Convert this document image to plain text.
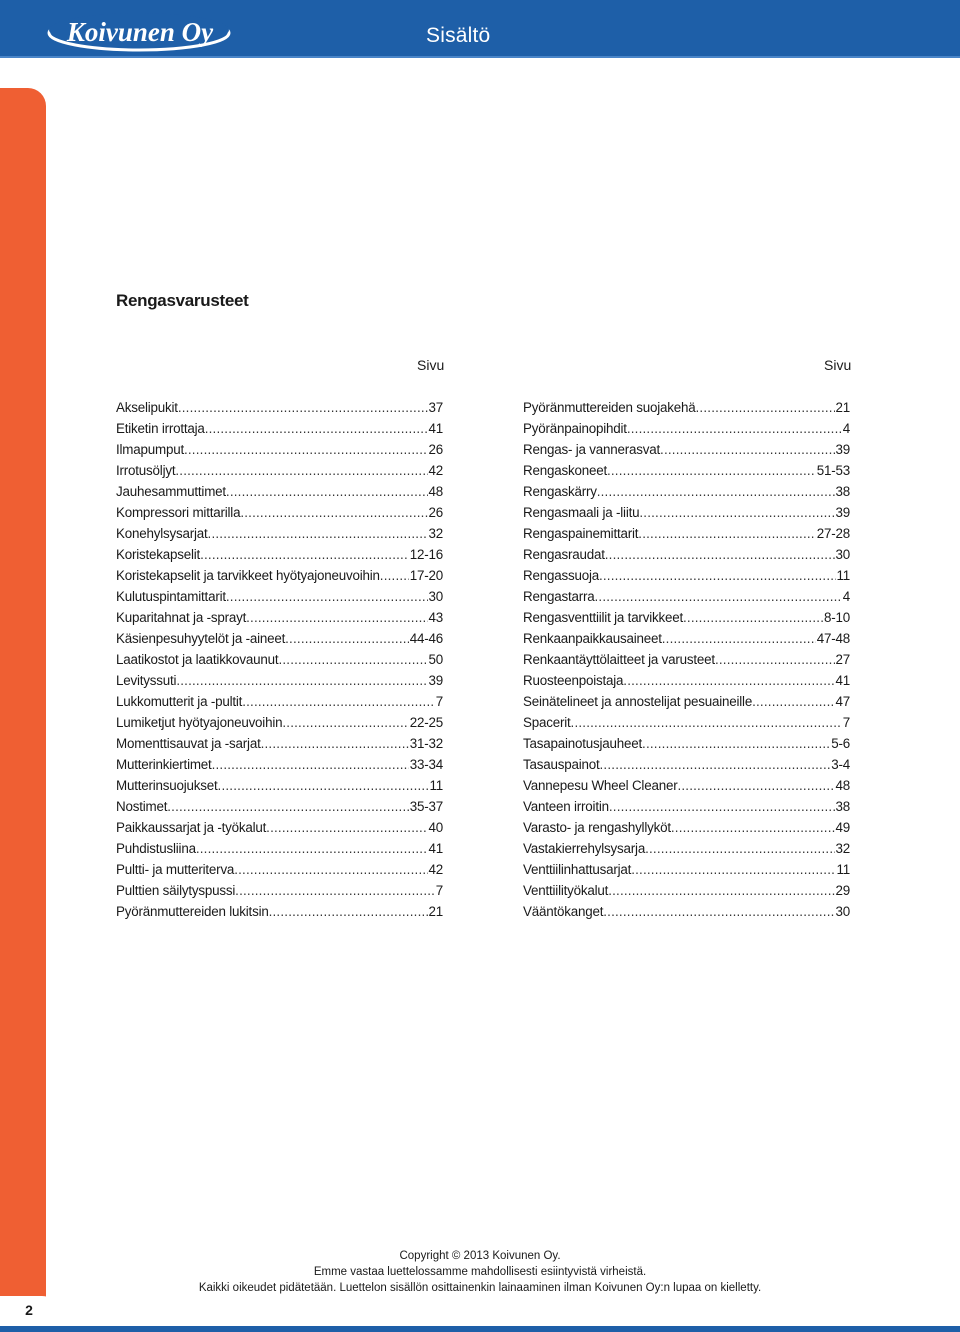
Koivunen Oy	Sisältö
2
Rengasvarusteet
Sivu	Sivu
Akselipukit .....	37
Etiketin irrottaja .....	41
Ilmapumput .....	26
Irrotusöljyt .....	42
Jauhesammuttimet .....	48
Kompressori mittarilla .....	26
Konehylsysarjat .....	32
Koristekapselit .....	12-16
Koristekapselit ja tarvikkeet hyötyajoneuvoihin ..... 17-20
Kulutuspintamittarit .....	30
Kuparitahnat ja -sprayt .....	43
Käsienpesuhyytelöt ja -aineet .....	44-46
Laatikostot ja laatikkovaunut .....	50
Levityssuti .....	39
Lukkomutterit ja -pultit .....	7
Lumiketjut hyötyajoneuvoihin .....	22-25
Momenttisauvat ja -sarjat .....	31-32
Mutterinkiertimet .....	33-34
Mutterinsuojukset .....	11
Nostimet .....	35-37
Paikkaussarjat ja -työkalut .....	40
Puhdistusliina .....	41
Pultti- ja mutteriterva .....	42
Pulttien säilytyspussi .....	7
Pyöränmuttereiden lukitsin .....	21
Pyöränmuttereiden suojakehä .....	21
Pyöränpainopihdit .....	4
Rengas- ja vannerasvat .....	39
Rengaskoneet .....	51-53
Rengaskärry .....	38
Rengasmaali ja -liitu .....	39
Rengaspainemittarit .....	27-28
Rengasraudat .....	30
Rengassuoja .....	11
Rengastarra .....	4
Rengasventtiilit ja tarvikkeet .....	8-10
Renkaanpaikkausaineet .....	47-48
Renkaantäyttölaitteet ja varusteet .....	27
Ruosteenpoistaja .....	41
Seinätelineet ja annostelijat pesuaineille .....	47
Spacerit .....	7
Tasapainotusjauheet .....	5-6
Tasauspainot .....	3-4
Vannepesu Wheel Cleaner .....	48
Vanteen irroitin .....	38
Varasto- ja rengashyllyköt .....	49
Vastakierrehylsysarja .....	32
Venttiilinhattusarjat .....	11
Venttiilityökalut .....	29
Vääntökanget .....	30
Copyright © 2013 Koivunen Oy.
Emme vastaa luettelossamme mahdollisesti esiintyvistä virheistä.
Kaikki oikeudet pidätetään. Luettelon sisällön osittainenkin lainaaminen ilman Koivunen Oy:n lupaa on kielletty.
